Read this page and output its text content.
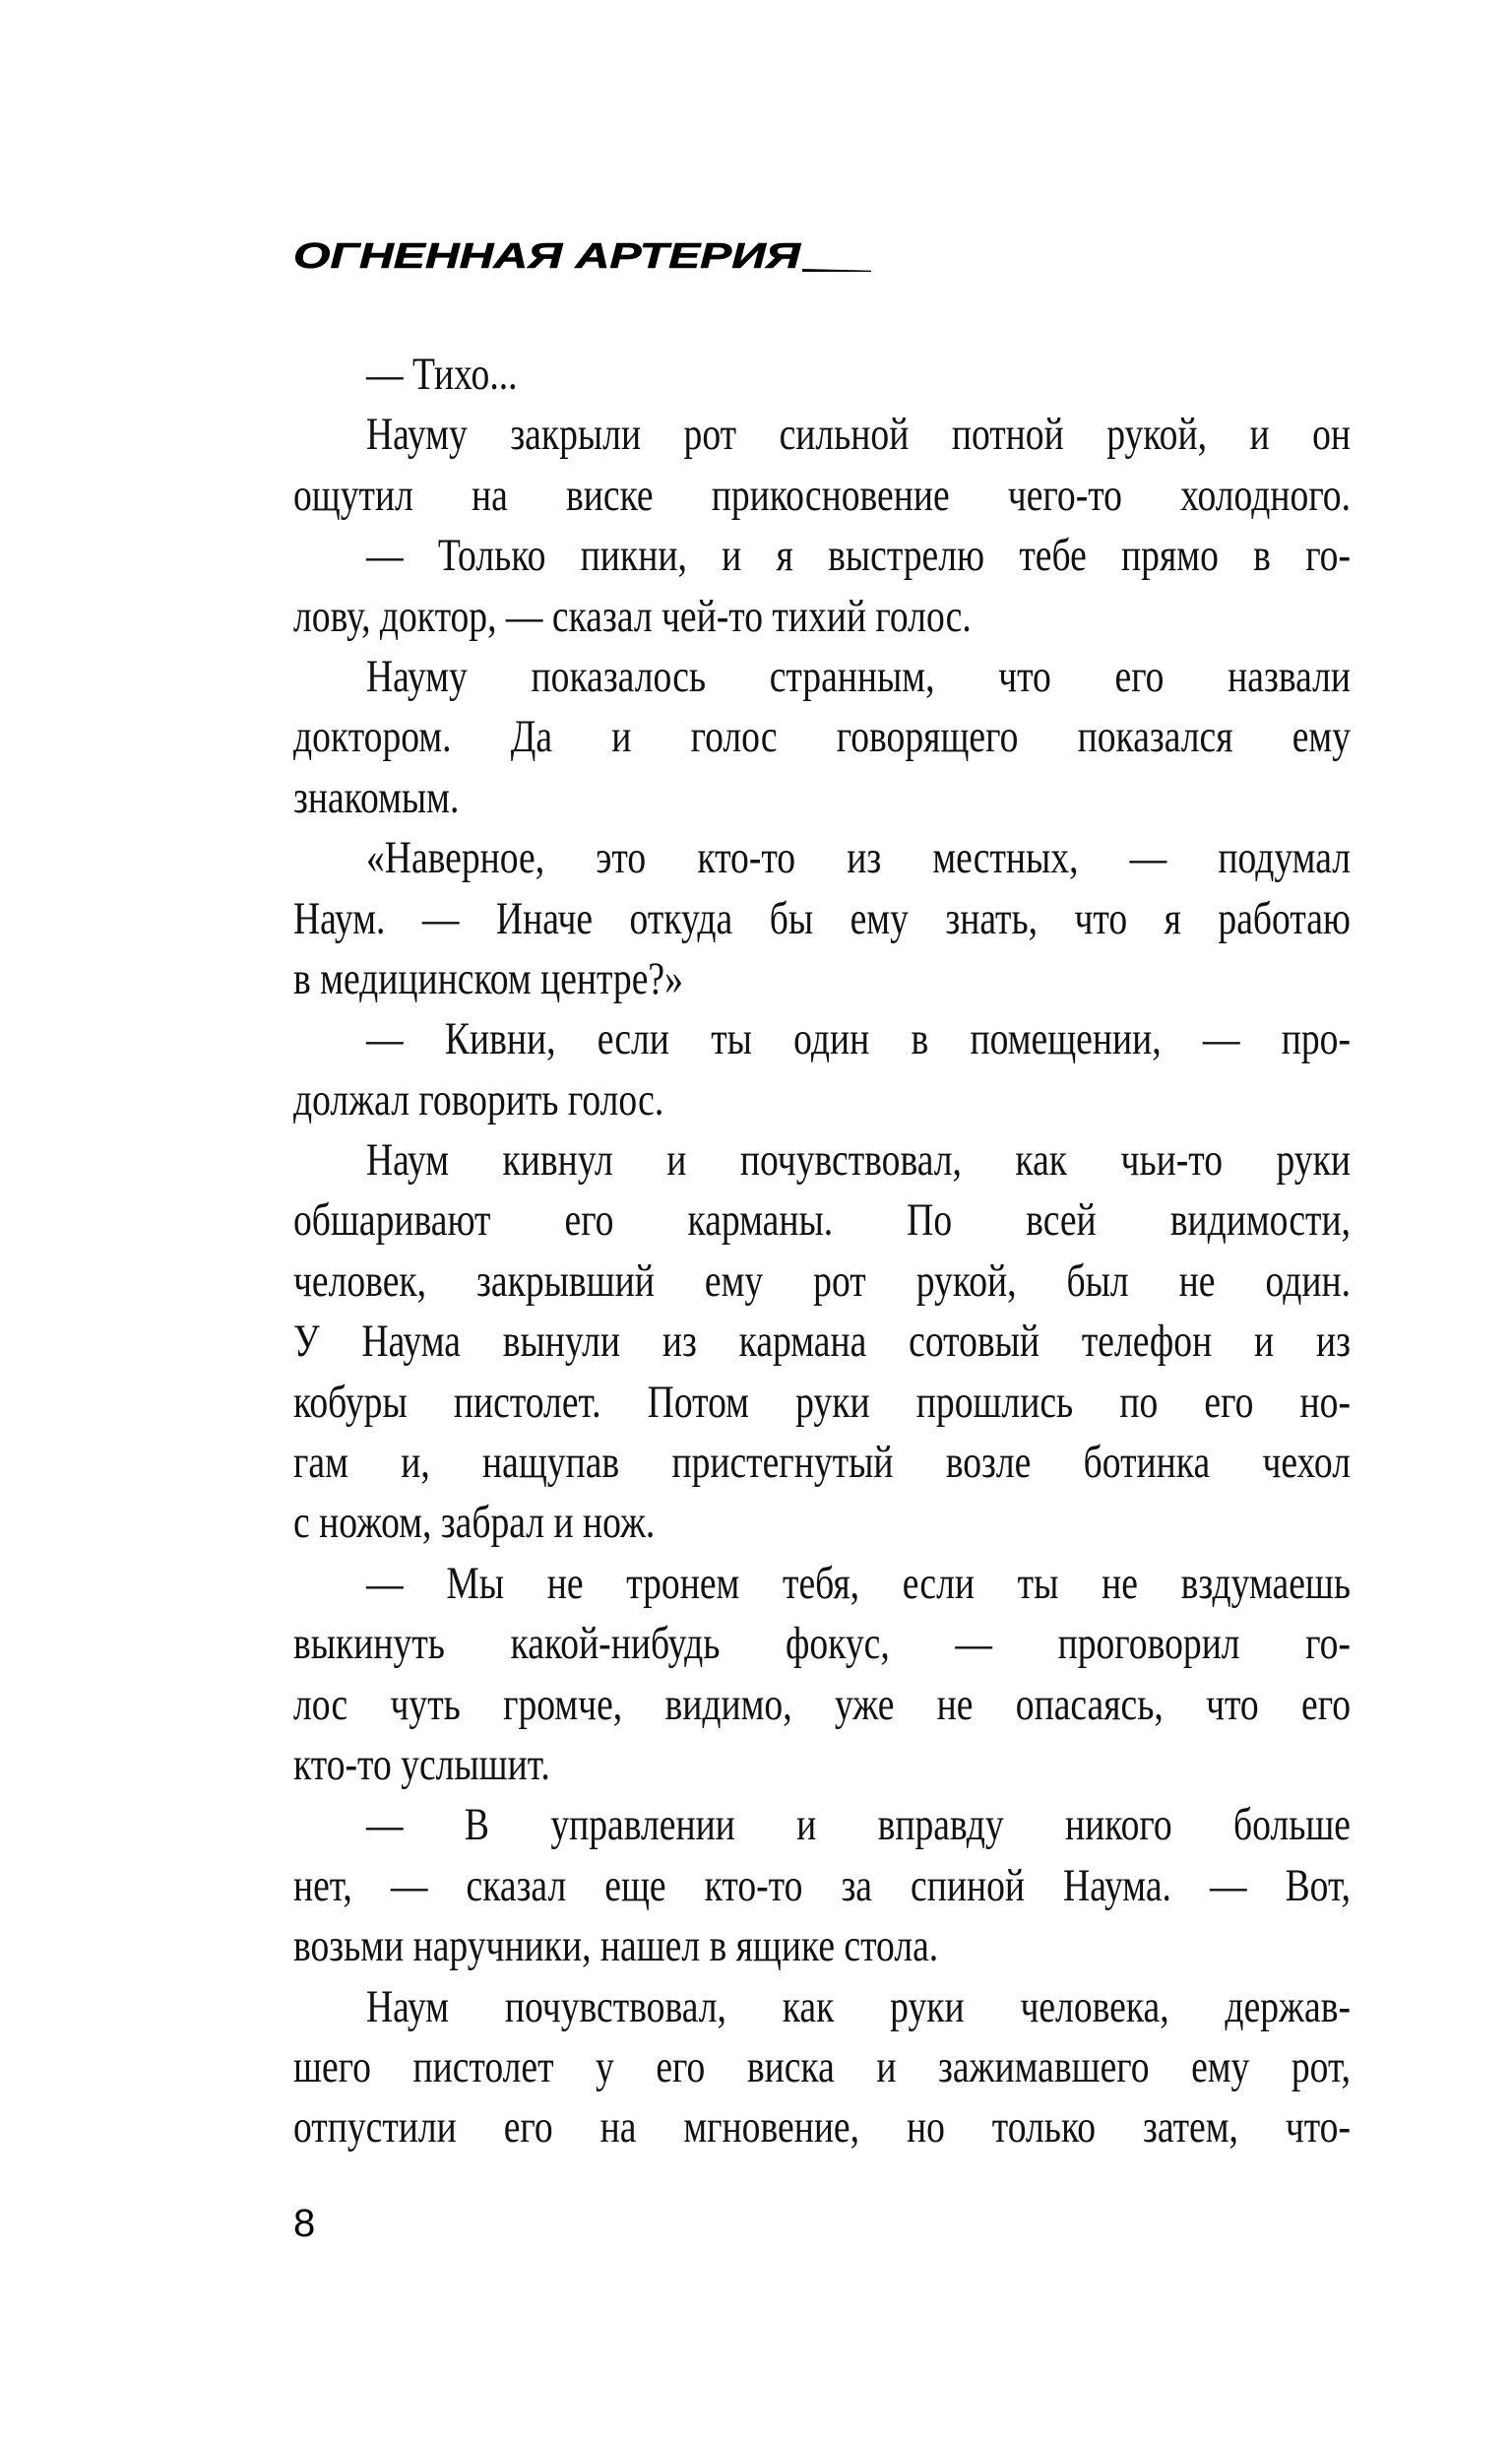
ОГНЕННАЯ АРТЕРИЯ
— Тихо...
Науму закрыли рот сильной потной рукой, и он
ощутил на виске прикосновение чего-то холодного.
— Только пикни, и я выстрелю тебе прямо в го-
лову, доктор, — сказал чей-то тихий голос.
Науму показалось странным, что его назвали
доктором. Да и голос говорящего показался ему
знакомым.
«Наверное, это кто-то из местных, — подумал
Наум. — Иначе откуда бы ему знать, что я работаю
в медицинском центре?»
— Кивни, если ты один в помещении, — про-
должал говорить голос.
Наум кивнул и почувствовал, как чьи-то руки
обшаривают его карманы. По всей видимости,
человек, закрывший ему рот рукой, был не один.
У Наума вынули из кармана сотовый телефон и из
кобуры пистолет. Потом руки прошлись по его но-
гам и, нащупав пристегнутый возле ботинка чехол
с ножом, забрал и нож.
— Мы не тронем тебя, если ты не вздумаешь
выкинуть какой-нибудь фокус, — проговорил го-
лос чуть громче, видимо, уже не опасаясь, что его
кто-то услышит.
— В управлении и вправду никого больше
нет, — сказал еще кто-то за спиной Наума. — Вот,
возьми наручники, нашел в ящике стола.
Наум почувствовал, как руки человека, держав-
шего пистолет у его виска и зажимавшего ему рот,
отпустили его на мгновение, но только затем, что-
8
